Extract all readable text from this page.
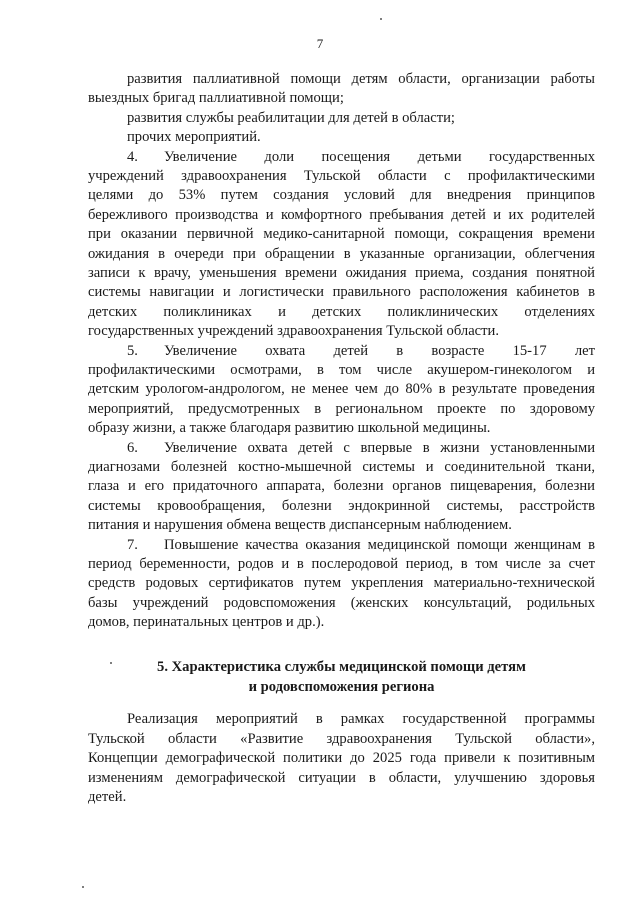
7
развития паллиативной помощи детям области, организации работы
выездных бригад паллиативной помощи;
развития службы реабилитации для детей в области;
прочих мероприятий.
4. Увеличение доли посещения детьми государственных
учреждений здравоохранения Тульской области с профилактическими
целями до 53% путем создания условий для внедрения принципов
бережливого производства и комфортного пребывания детей и их родителей
при оказании первичной медико-санитарной помощи, сокращения времени
ожидания в очереди при обращении в указанные организации, облегчения
записи к врачу, уменьшения времени ожидания приема, создания понятной
системы навигации и логистически правильного расположения кабинетов в
детских поликлиниках и детских поликлинических отделениях
государственных учреждений здравоохранения Тульской области.
5. Увеличение охвата детей в возрасте 15-17 лет
профилактическими осмотрами, в том числе акушером-гинекологом и
детским урологом-андрологом, не менее чем до 80% в результате проведения
мероприятий, предусмотренных в региональном проекте по здоровому
образу жизни, а также благодаря развитию школьной медицины.
6. Увеличение охвата детей с впервые в жизни установленными
диагнозами болезней костно-мышечной системы и соединительной ткани,
глаза и его придаточного аппарата, болезни органов пищеварения, болезни
системы кровообращения, болезни эндокринной системы, расстройств
питания и нарушения обмена веществ диспансерным наблюдением.
7. Повышение качества оказания медицинской помощи женщинам в
период беременности, родов и в послеродовой период, в том числе за счет
средств родовых сертификатов путем укрепления материально-технической
базы учреждений родовспоможения (женских консультаций, родильных
домов, перинатальных центров и др.).
5. Характеристика службы медицинской помощи детям
и родовспоможения региона
Реализация мероприятий в рамках государственной программы
Тульской области «Развитие здравоохранения Тульской области»,
Концепции демографической политики до 2025 года привели к позитивным
изменениям демографической ситуации в области, улучшению здоровья
детей.
